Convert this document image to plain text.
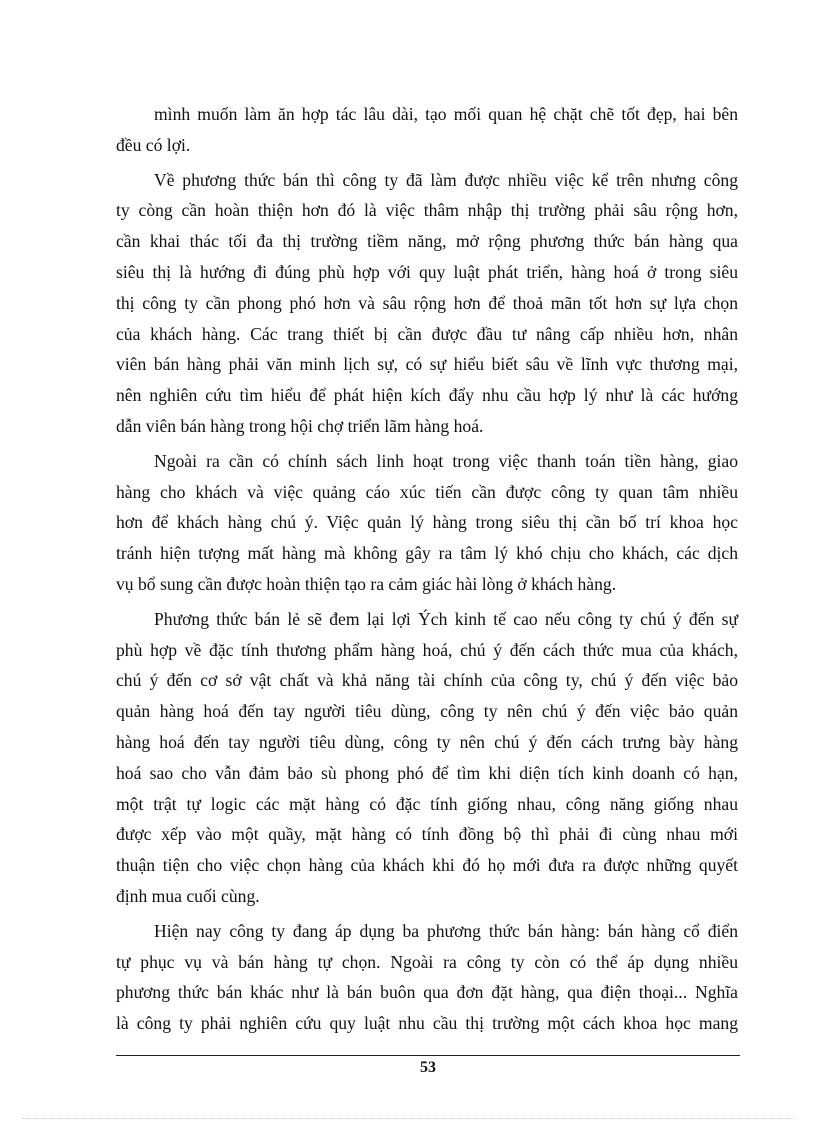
mình muốn làm ăn hợp tác lâu dài, tạo mối quan hệ chặt chẽ tốt đẹp, hai bên
đều có lợi.

Về phương thức bán thì công ty đã làm được nhiều việc kể trên nhưng công
ty còng cần hoàn thiện hơn đó là việc thâm nhập thị trường phải sâu rộng hơn,
cần khai thác tối đa thị trường tiềm năng, mở rộng phương thức bán hàng qua
siêu thị là hướng đi đúng phù hợp với quy luật phát triển, hàng hoá ở trong siêu
thị công ty cần phong phó hơn và sâu rộng hơn để thoả mãn tốt hơn sự lựa chọn
của khách hàng. Các trang thiết bị cần được đầu tư nâng cấp nhiều hơn, nhân
viên bán hàng phải văn minh lịch sự, có sự hiểu biết sâu về lĩnh vực thương mại,
nên nghiên cứu tìm hiểu để phát hiện kích đẩy nhu cầu hợp lý như là các hướng
dẫn viên bán hàng trong hội chợ triển lãm hàng hoá.

Ngoài ra cần có chính sách linh hoạt trong việc thanh toán tiền hàng, giao
hàng cho khách và việc quảng cáo xúc tiến cần được công ty quan tâm nhiều
hơn để khách hàng chú ý. Việc quản lý hàng trong siêu thị cần bố trí khoa học
tránh hiện tượng mất hàng mà không gây ra tâm lý khó chịu cho khách, các dịch
vụ bổ sung cần được hoàn thiện tạo ra cảm giác hài lòng ở khách hàng.

Phương thức bán lẻ sẽ đem lại lợi Ých kinh tế cao nếu công ty chú ý đến sự
phù hợp về đặc tính thương phẩm hàng hoá, chú ý đến cách thức mua của khách,
chú ý đến cơ sở vật chất và khả năng tài chính của công ty, chú ý đến việc bảo
quản hàng hoá đến tay người tiêu dùng, công ty nên chú ý đến việc bảo quản
hàng hoá đến tay người tiêu dùng, công ty nên chú ý đến cách trưng bày hàng
hoá sao cho vẫn đảm bảo sù phong phó để tìm khi diện tích kinh doanh có hạn,
một trật tự logic các mặt hàng có đặc tính giống nhau, công năng giống nhau
được xếp vào một quầy, mặt hàng có tính đồng bộ thì phải đi cùng nhau mới
thuận tiện cho việc chọn hàng của khách khi đó họ mới đưa ra được những quyết
định mua cuối cùng.

Hiện nay công ty đang áp dụng ba phương thức bán hàng: bán hàng cổ điển
tự phục vụ và bán hàng tự chọn. Ngoài ra công ty còn có thể áp dụng nhiều
phương thức bán khác như là bán buôn qua đơn đặt hàng, qua điện thoại... Nghĩa
là công ty phải nghiên cứu quy luật nhu cầu thị trường một cách khoa học mang

53
